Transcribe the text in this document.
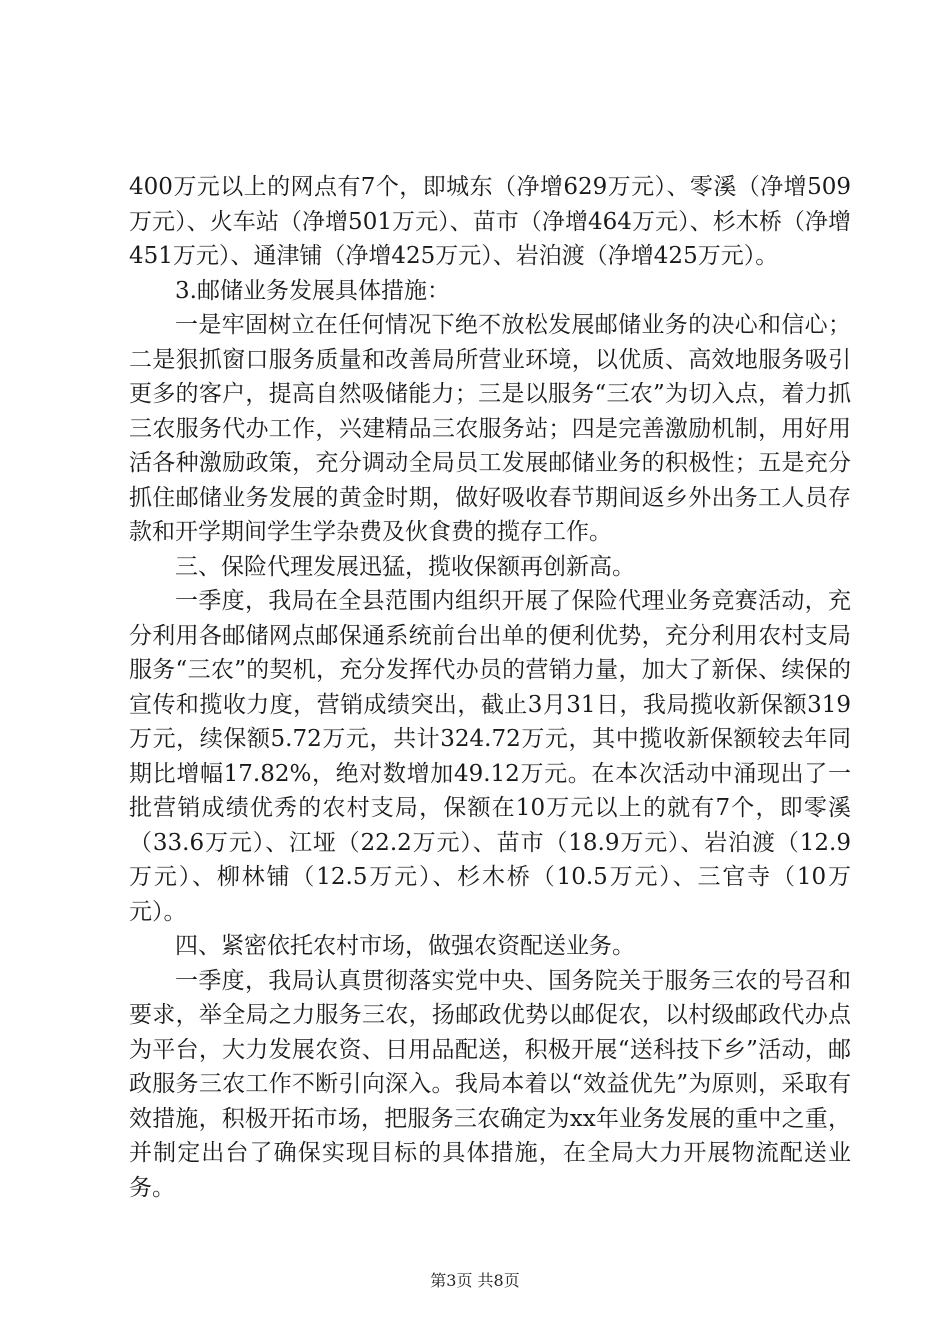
400万元以上的网点有7个，即城东（净增629万元）、零溪（净增509万元）、火车站（净增501万元）、苗市（净增464万元）、杉木桥（净增451万元）、通津铺（净增425万元）、岩泊渡（净增425万元）。

3.邮储业务发展具体措施：

一是牢固树立在任何情况下绝不放松发展邮储业务的决心和信心；二是狠抓窗口服务质量和改善局所营业环境，以优质、高效地服务吸引更多的客户，提高自然吸储能力；三是以服务“三农”为切入点，着力抓三农服务代办工作，兴建精品三农服务站；四是完善激励机制，用好用活各种激励政策，充分调动全局员工发展邮储业务的积极性；五是充分抓住邮储业务发展的黄金时期，做好吸收春节期间返乡外出务工人员存款和开学期间学生学杂费及伙食费的揽存工作。

三、保险代理发展迅猛，揽收保额再创新高。

一季度，我局在全县范围内组织开展了保险代理业务竞赛活动，充分利用各邮储网点邮保通系统前台出单的便利优势，充分利用农村支局服务“三农”的契机，充分发挥代办员的营销力量，加大了新保、续保的宣传和揽收力度，营销成绩突出，截止3月31日，我局揽收新保额319万元，续保额5.72万元，共计324.72万元，其中揽收新保额较去年同期比增幅17.82%，绝对数增加49.12万元。在本次活动中涌现出了一批营销成绩优秀的农村支局，保额在10万元以上的就有7个，即零溪（33.6万元）、江垭（22.2万元）、苗市（18.9万元）、岩泊渡（12.9万元）、柳林铺（12.5万元）、杉木桥（10.5万元）、三官寺（10万元）。

四、紧密依托农村市场，做强农资配送业务。

一季度，我局认真贯彻落实党中央、国务院关于服务三农的号召和要求，举全局之力服务三农，扬邮政优势以邮促农，以村级邮政代办点为平台，大力发展农资、日用品配送，积极开展“送科技下乡”活动，邮政服务三农工作不断引向深入。我局本着以“效益优先”为原则，采取有效措施，积极开拓市场，把服务三农确定为xx年业务发展的重中之重，并制定出台了确保实现目标的具体措施，在全局大力开展物流配送业务。

第3页 共8页
